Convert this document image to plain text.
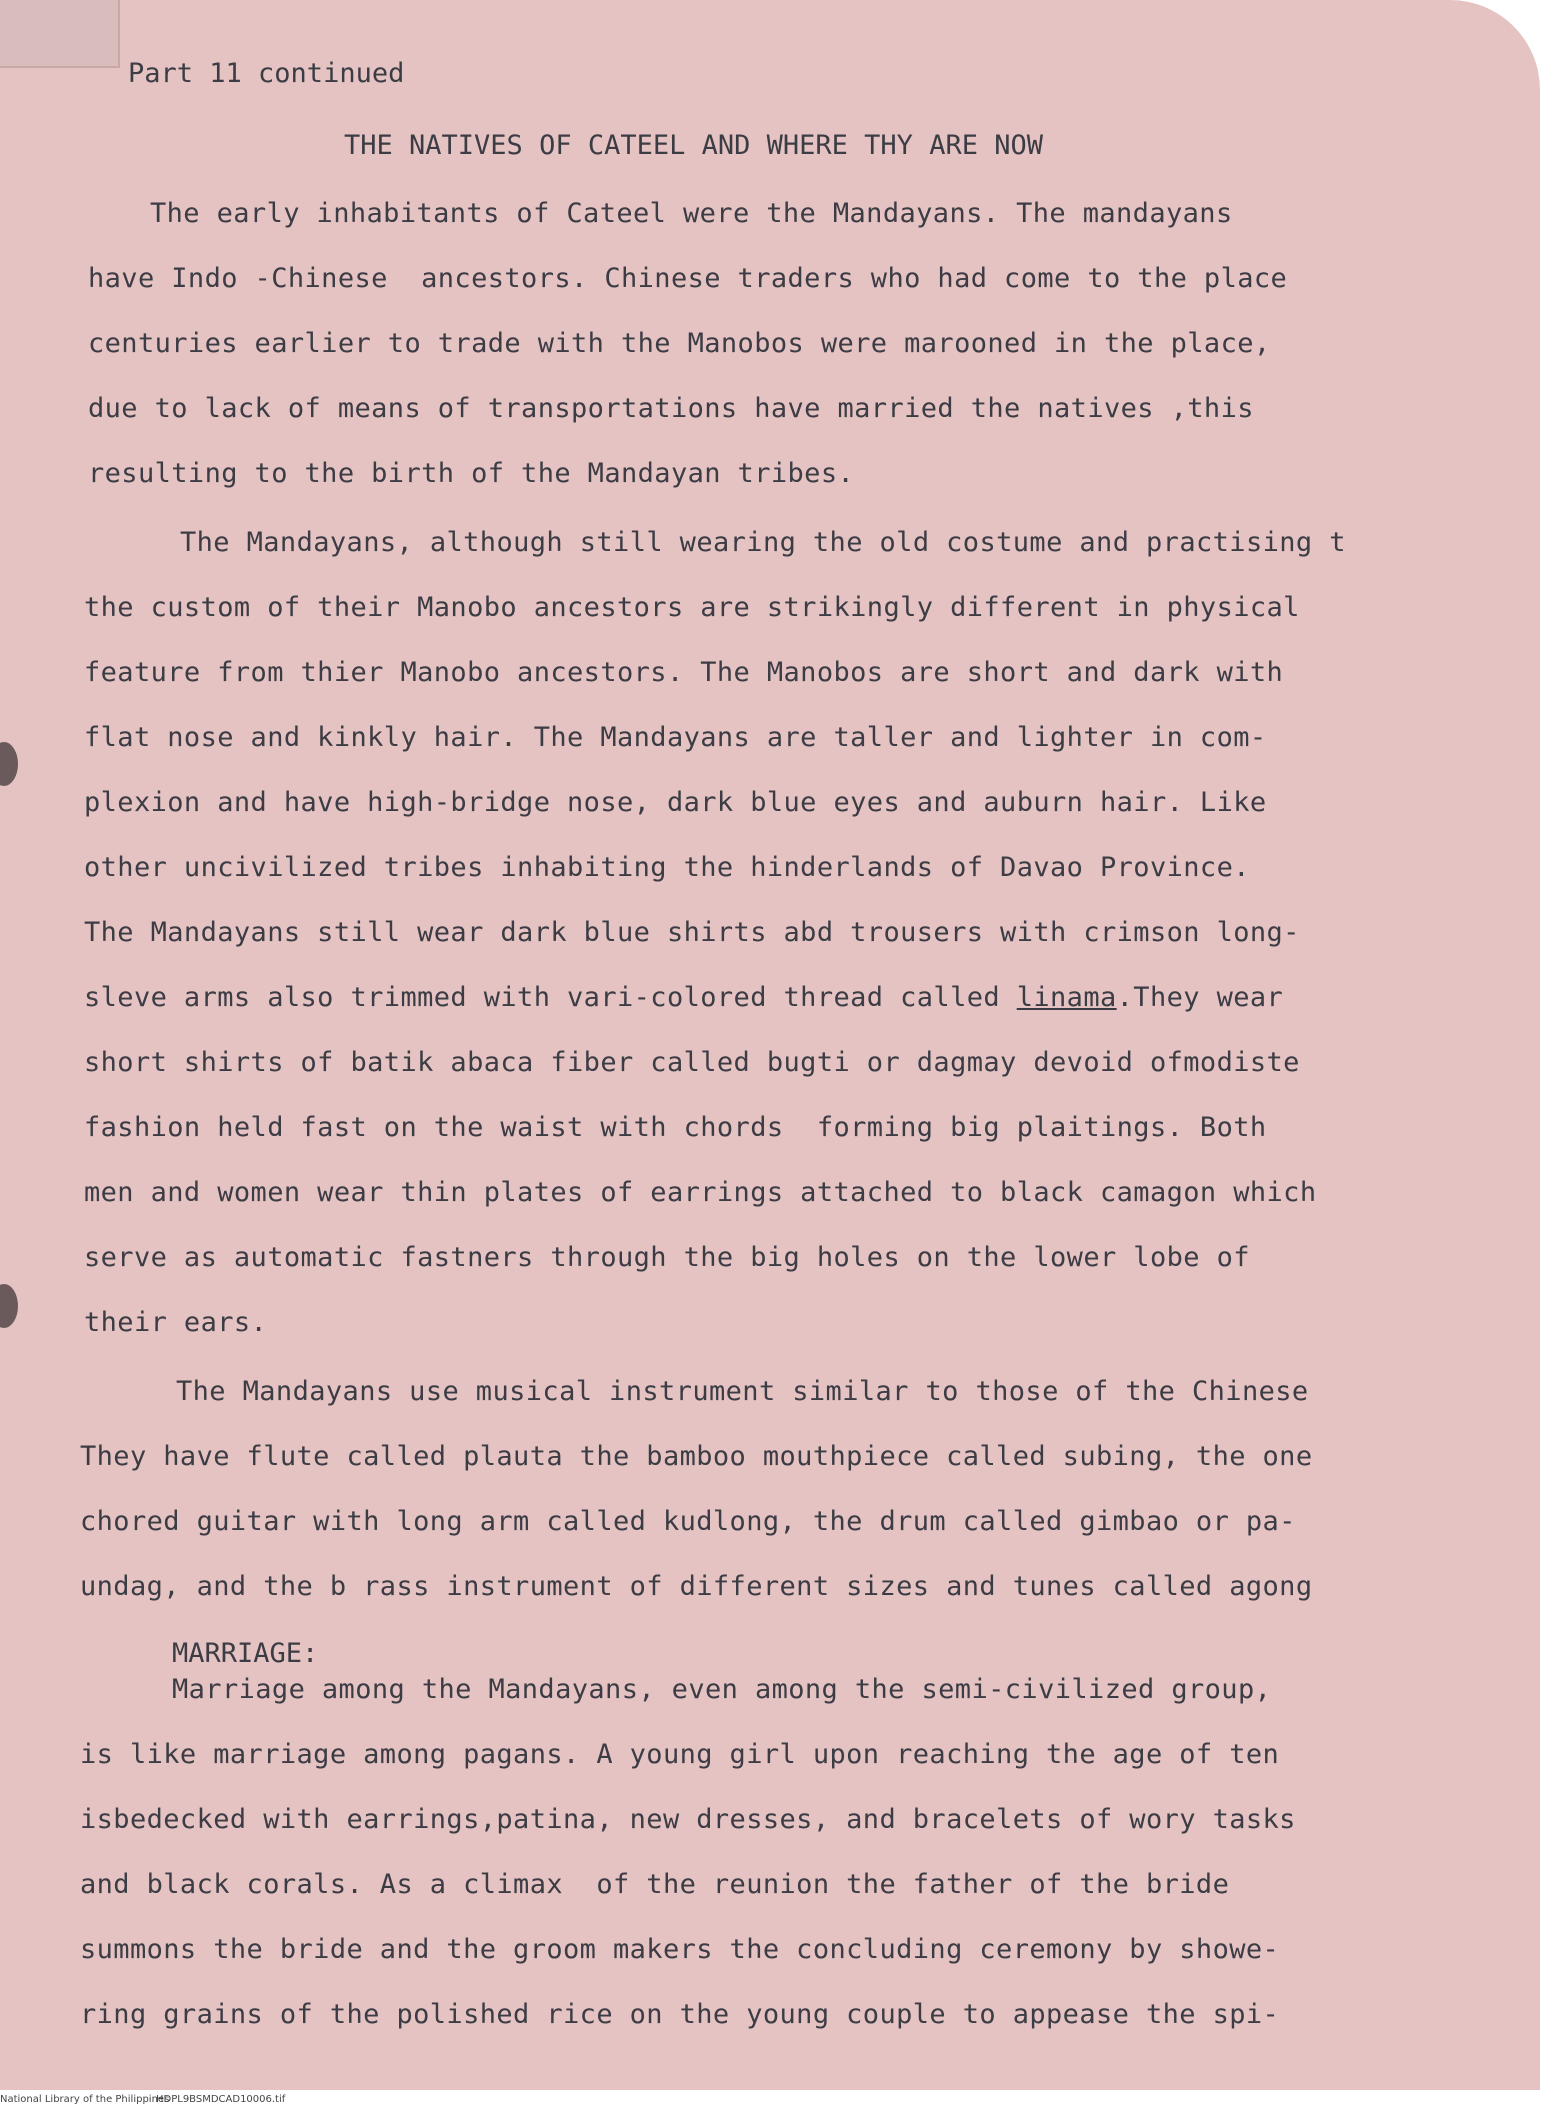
Part 11 continued
THE NATIVES OF CATEEL AND WHERE THY ARE NOW
The early inhabitants of Cateel were the Mandayans. The mandayans
have Indo -Chinese  ancestors. Chinese traders who had come to the place
centuries earlier to trade with the Manobos were marooned in the place,
due to lack of means of transportations have married the natives ,this
resulting to the birth of the Mandayan tribes.
The Mandayans, although still wearing the old costume and practising t
the custom of their Manobo ancestors are strikingly different in physical
feature from thier Manobo ancestors. The Manobos are short and dark with
flat nose and kinkly hair. The Mandayans are taller and lighter in com-
plexion and have high-bridge nose, dark blue eyes and auburn hair. Like
other uncivilized tribes inhabiting the hinderlands of Davao Province.
The Mandayans still wear dark blue shirts abd trousers with crimson long-
sleve arms also trimmed with vari-colored thread called linama.They wear
short shirts of batik abaca fiber called bugti or dagmay devoid ofmodiste
fashion held fast on the waist with chords  forming big plaitings. Both
men and women wear thin plates of earrings attached to black camagon which
serve as automatic fastners through the big holes on the lower lobe of
their ears.
The Mandayans use musical instrument similar to those of the Chinese
They have flute called plauta the bamboo mouthpiece called subing, the one
chored guitar with long arm called kudlong, the drum called gimbao or pa-
undag, and the b rass instrument of different sizes and tunes called agong
MARRIAGE:
Marriage among the Mandayans, even among the semi-civilized group,
is like marriage among pagans. A young girl upon reaching the age of ten
isbedecked with earrings,patina, new dresses, and bracelets of wory tasks
and black corals. As a climax  of the reunion the father of the bride
summons the bride and the groom makers the concluding ceremony by showe-
ring grains of the polished rice on the young couple to appease the spi-
National Library of the Philippines
HDPL9BSMDCAD10006.tif
